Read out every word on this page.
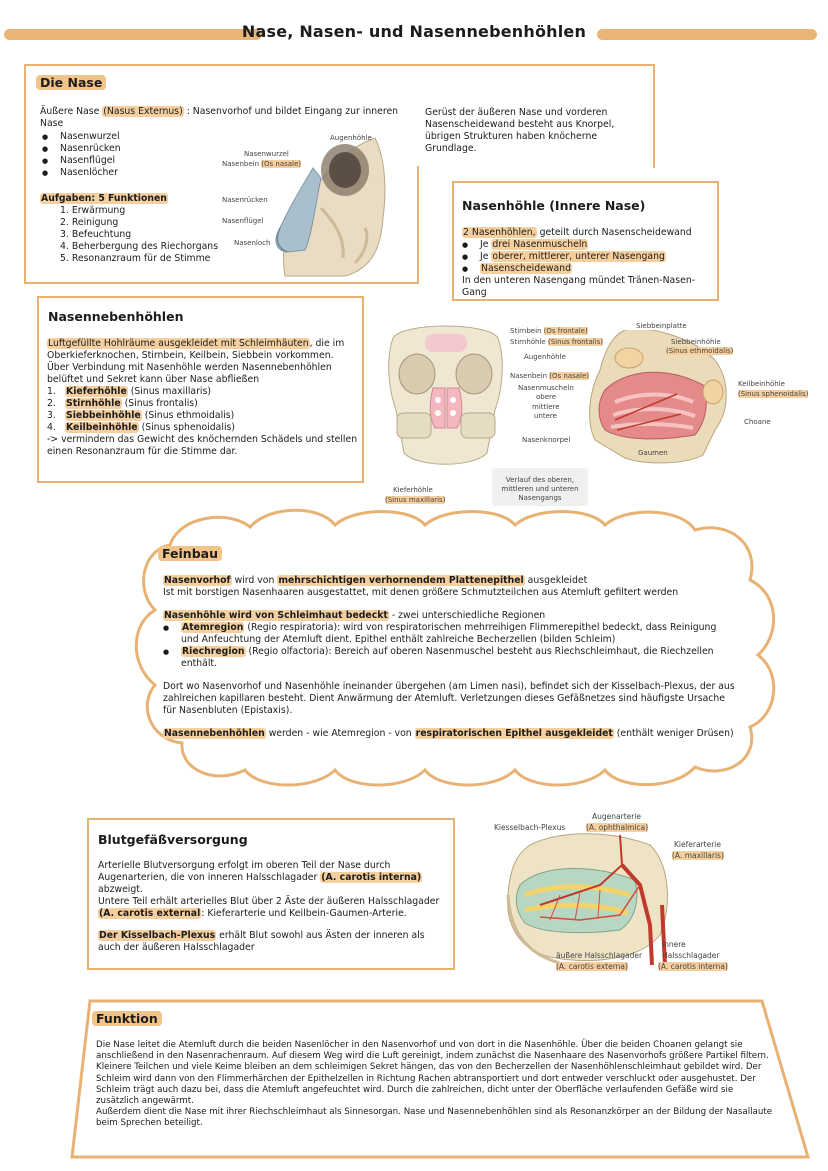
Nase, Nasen- und Nasennebenhöhlen
Die Nase
Äußere Nase (Nasus Externus) : Nasenvorhof und bildet Eingang zur inneren Nase
● Nasenwurzel
● Nasenrücken
● Nasenflügel
● Nasenlöcher
Aufgaben: 5 Funktionen
1. Erwärmung
2. Reinigung
3. Befeuchtung
4. Beherbergung des Riechorgans
5. Resonanzraum für de Stimme
Gerüst der äußeren Nase und vorderen Nasenscheidewand besteht aus Knorpel, übrigen Strukturen haben knöcherne Grundlage.
Augenhöhle
Nasenwurzel
Nasenbein (Os nasale)
Nasenrücken
Nasenflügel
Nasenloch
Nasenhöhle (Innere Nase)
2 Nasenhöhlen, geteilt durch Nasenscheidewand
● Je drei Nasenmuscheln
● Je oberer, mittlerer, unterer Nasengang
● Nasenscheidewand
In den unteren Nasengang mündet Tränen-Nasen-Gang
Nasennebenhöhlen
Luftgefüllte Hohlräume ausgekleidet mit Schleimhäuten, die im Oberkieferknochen, Stirnbein, Keilbein, Siebbein vorkommen.
Über Verbindung mit Nasenhöhle werden Nasennebenhöhlen belüftet und Sekret kann über Nase abfließen
1. Kieferhöhle (Sinus maxillaris)
2. Stirnhöhle (Sinus frontalis)
3. Siebbeinhöhle (Sinus ethmoidalis)
4. Keilbeinhöhle (Sinus sphenoidalis)
-> vermindern das Gewicht des knöchernden Schädels und stellen einen Resonanzraum für die Stimme dar.
Stirnbein (Os frontale)
Stirnhöhle (Sinus frontalis)
Augenhöhle
Nasenbein (Os nasale)
Nasenmuscheln
obere
mittlere
untere
Nasenknorpel
Kieferhöhle
(Sinus maxillaris)
Verlauf des oberen, mittleren und unteren Nasengangs
Siebbeinplatte
Siebbeinhöhle
(Sinus ethmoidalis)
Keilbeinhöhle
(Sinus sphenoidalis)
Choane
Gaumen
Feinbau
Nasenvorhof wird von mehrschichtigen verhornendem Plattenepithel ausgekleidet
Ist mit borstigen Nasenhaaren ausgestattet, mit denen größere Schmutzteilchen aus Atemluft gefiltert werden
Nasenhöhle wird von Schleimhaut bedeckt - zwei unterschiedliche Regionen
● Atemregion (Regio respiratoria): wird von respiratorischen mehrreihigen Flimmerepithel bedeckt, dass Reinigung und Anfeuchtung der Atemluft dient. Epithel enthält zahlreiche Becherzellen (bilden Schleim)
● Riechregion (Regio olfactoria): Bereich auf oberen Nasenmuschel besteht aus Riechschleimhaut, die Riechzellen enthält.
Dort wo Nasenvorhof und Nasenhöhle ineinander übergehen (am Limen nasi), befindet sich der Kisselbach-Plexus, der aus zahlreichen kapillaren besteht. Dient Anwärmung der Atemluft. Verletzungen dieses Gefäßnetzes sind häufigste Ursache für Nasenbluten (Epistaxis).
Nasennebenhöhlen werden - wie Atemregion - von respiratorischen Epithel ausgekleidet (enthält weniger Drüsen)
Blutgefäßversorgung
Arterielle Blutversorgung erfolgt im oberen Teil der Nase durch Augenarterien, die von inneren Halsschlagader (A. carotis interna) abzweigt.
Untere Teil erhält arterielles Blut über 2 Äste der äußeren Halsschlagader (A. carotis external: Kieferarterie und Keilbein-Gaumen-Arterie.
Der Kisselbach-Plexus erhält Blut sowohl aus Ästen der inneren als auch der äußeren Halsschlagader
Kiesselbach-Plexus
Augenarterie
(A. ophthalmica)
Kieferarterie
(A. maxillaris)
äußere Halsschlagader
(A. carotis externa)
innere
Halsschlagader
(A. carotis interna)
Funktion
Die Nase leitet die Atemluft durch die beiden Nasenlöcher in den Nasenvorhof und von dort in die Nasenhöhle. Über die beiden Choanen gelangt sie anschließend in den Nasenrachenraum. Auf diesem Weg wird die Luft gereinigt, indem zunächst die Nasenhaare des Nasenvorhofs größere Partikel filtern. Kleinere Teilchen und viele Keime bleiben an dem schleimigen Sekret hängen, das von den Becherzellen der Nasenhöhlenschleimhaut gebildet wird. Der Schleim wird dann von den Flimmerhärchen der Epithelzellen in Richtung Rachen abtransportiert und dort entweder verschluckt oder ausgehustet. Der Schleim trägt auch dazu bei, dass die Atemluft angefeuchtet wird. Durch die zahlreichen, dicht unter der Oberfläche verlaufenden Gefäße wird sie zusätzlich angewärmt.
Außerdem dient die Nase mit ihrer Riechschleimhaut als Sinnesorgan. Nase und Nasennebenhöhlen sind als Resonanzkörper an der Bildung der Nasallaute beim Sprechen beteiligt.
